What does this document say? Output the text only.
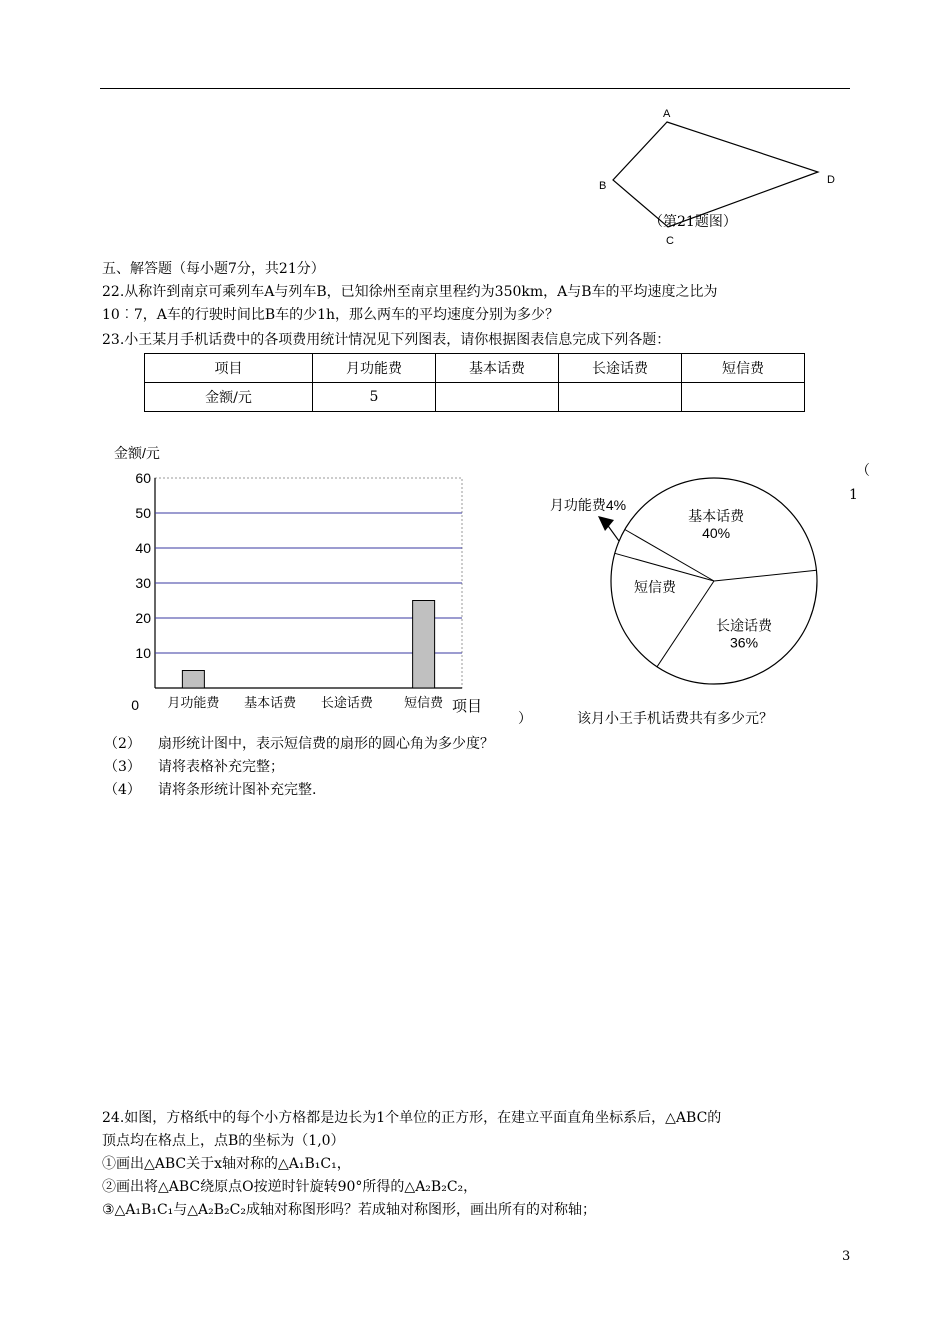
A
B
C
D
（第21题图）
五、解答题（每小题7分，共21分）
22.从称许到南京可乘列车A与列车B，已知徐州至南京里程约为350km，A与B车的平均速度之比为
10︰7，A车的行驶时间比B车的少1h，那么两车的平均速度分别为多少？
23.小王某月手机话费中的各项费用统计情况见下列图表，请你根据图表信息完成下列各题：
项目	月功能费	基本话费	长途话费	短信费
金额/元	5			
0
10
20
30
40
50
60
月功能费 基本话费 长途话费 短信费
金额/元
项目
基本话费
40%
长途话费
36%
短信费
月功能费4%
（
1
）	该月小王手机话费共有多少元？
（2） 扇形统计图中，表示短信费的扇形的圆心角为多少度？
（3） 请将表格补充完整；
（4） 请将条形统计图补充完整.
24.如图，方格纸中的每个小方格都是边长为1个单位的正方形，在建立平面直角坐标系后，△ABC的
顶点均在格点上，点B的坐标为（1,0）
①画出△ABC关于x轴对称的△A₁B₁C₁，
②画出将△ABC绕原点O按逆时针旋转90°所得的△A₂B₂C₂，
③△A₁B₁C₁与△A₂B₂C₂成轴对称图形吗？若成轴对称图形，画出所有的对称轴；
3
